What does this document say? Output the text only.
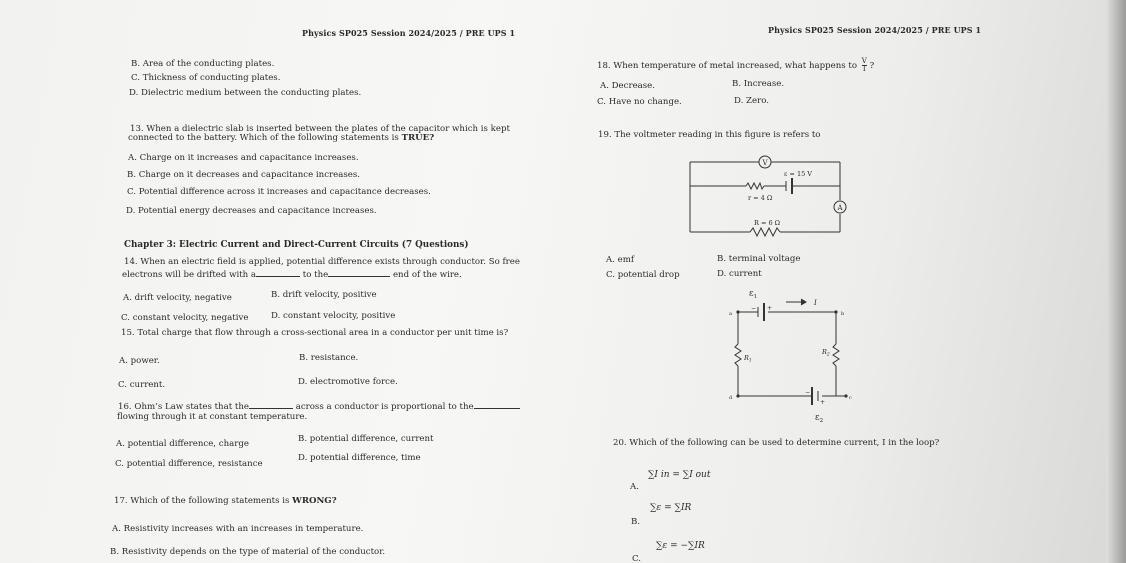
Physics SP025 Session 2024/2025 / PRE UPS 1	Physics SP025 Session 2024/2025 / PRE UPS 1
B. Area of the conducting plates.
C. Thickness of conducting plates.
D. Dielectric medium between the conducting plates.
13. When a dielectric slab is inserted between the plates of the capacitor which is kept
connected to the battery. Which of the following statements is TRUE?
A. Charge on it increases and capacitance increases.
B. Charge on it decreases and capacitance increases.
C. Potential difference across it increases and capacitance decreases.
D. Potential energy decreases and capacitance increases.
Chapter 3: Electric Current and Direct-Current Circuits (7 Questions)
14. When an electric field is applied, potential difference exists through conductor. So free
electrons will be drifted with a	to the	end of the wire.
A. drift velocity, negative	B. drift velocity, positive
C. constant velocity, negative	D. constant velocity, positive
15. Total charge that flow through a cross-sectional area in a conductor per unit time is?
A. power.	B. resistance.
C. current.	D. electromotive force.
16. Ohm’s Law states that the	across a conductor is proportional to the
flowing through it at constant temperature.
A. potential difference, charge	B. potential difference, current
C. potential difference, resistance
D. potential difference, time
17. Which of the following statements is WRONG?
A. Resistivity increases with an increases in temperature.
B. Resistivity depends on the type of material of the conductor.
18. When temperature of metal increased, what happens to $\frac{V}{I}$ ?
A. Decrease.	B. Increase.
C. Have no change.	D. Zero.
19. The voltmeter reading in this figure is refers to
V
A
ε = 15 V
r = 4 Ω
R = 6 Ω
A. emf	B. terminal voltage
C. potential drop	D. current
$\varepsilon_1$
I
$R_1$
$R_2$
$\varepsilon_2$
a	b
d	c
− +
−
+
20. Which of the following can be used to determine current, I in the loop?
A.
∑I in = ∑I out
B.
∑ε = ∑IR
C.
∑ε = −∑IR
